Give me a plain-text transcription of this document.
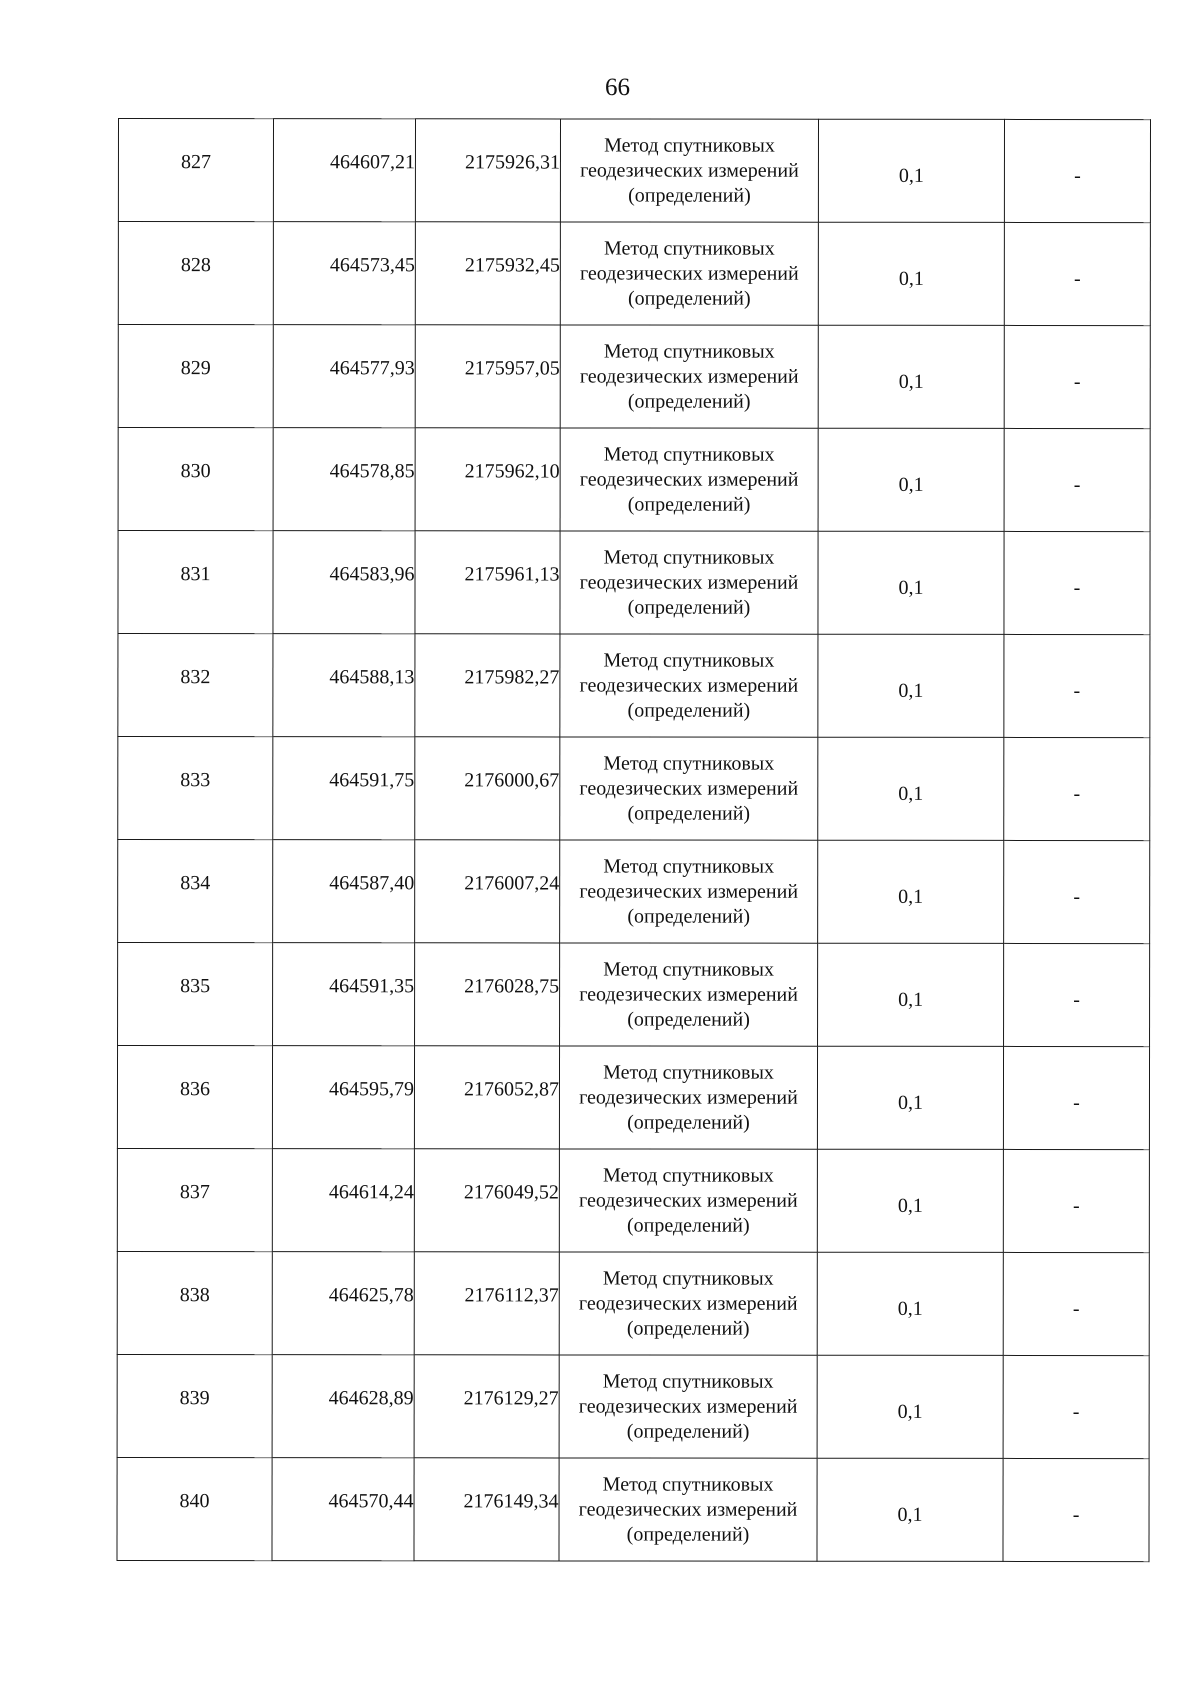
66
827	464607,21	2175926,31	Метод спутниковых
геодезических измерений
(определений)	0,1	-
828	464573,45	2175932,45	Метод спутниковых
геодезических измерений
(определений)	0,1	-
829	464577,93	2175957,05	Метод спутниковых
геодезических измерений
(определений)	0,1	-
830	464578,85	2175962,10	Метод спутниковых
геодезических измерений
(определений)	0,1	-
831	464583,96	2175961,13	Метод спутниковых
геодезических измерений
(определений)	0,1	-
832	464588,13	2175982,27	Метод спутниковых
геодезических измерений
(определений)	0,1	-
833	464591,75	2176000,67	Метод спутниковых
геодезических измерений
(определений)	0,1	-
834	464587,40	2176007,24	Метод спутниковых
геодезических измерений
(определений)	0,1	-
835	464591,35	2176028,75	Метод спутниковых
геодезических измерений
(определений)	0,1	-
836	464595,79	2176052,87	Метод спутниковых
геодезических измерений
(определений)	0,1	-
837	464614,24	2176049,52	Метод спутниковых
геодезических измерений
(определений)	0,1	-
838	464625,78	2176112,37	Метод спутниковых
геодезических измерений
(определений)	0,1	-
839	464628,89	2176129,27	Метод спутниковых
геодезических измерений
(определений)	0,1	-
840	464570,44	2176149,34	Метод спутниковых
геодезических измерений
(определений)	0,1	-
